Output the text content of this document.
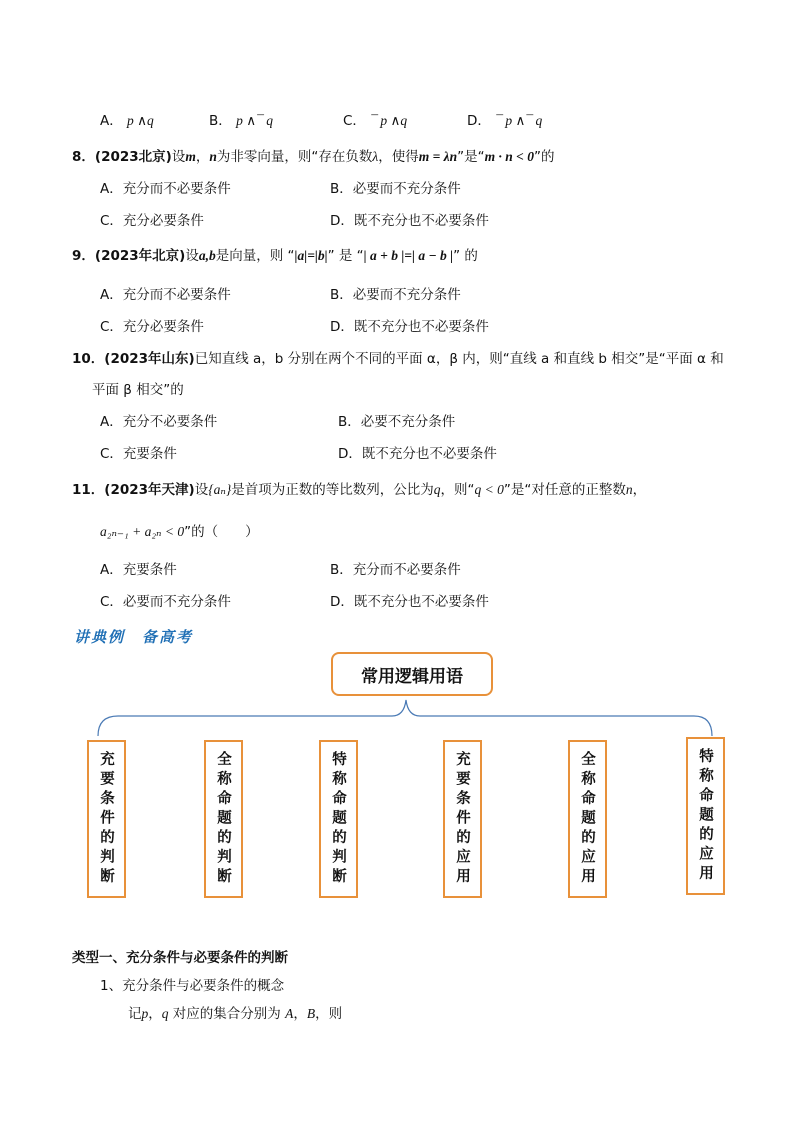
A． p ∧q	B． p ∧¯ q	C． ¯ p ∧q	D． ¯ p ∧¯ q
8．(2023北京)设m，n为非零向量，则“存在负数λ，使得m = λn”是“m · n < 0”的
A．充分而不必要条件	B．必要而不充分条件
C．充分必要条件	D．既不充分也不必要条件
9．(2023年北京)设a,b是向量，则 “|a|=|b|” 是 “| a + b |=| a − b |” 的
A．充分而不必要条件	B．必要而不充分条件
C．充分必要条件	D．既不充分也不必要条件
10．(2023年山东)已知直线 a，b 分别在两个不同的平面 α，β 内，则“直线 a 和直线 b 相交”是“平面 α 和
平面 β 相交”的
A．充分不必要条件	B．必要不充分条件
C．充要条件	D．既不充分也不必要条件
11．(2023年天津)设{aₙ}是首项为正数的等比数列，公比为q，则“q < 0”是“对任意的正整数n，
a₂ₙ₋₁ + a₂ₙ < 0”的（　　）
A．充要条件	B．充分而不必要条件
C．必要而不充分条件	D．既不充分也不必要条件
讲典例　备高考
常用逻辑用语
充要条件的判断	全称命题的判断	特称命题的判断	充要条件的应用	全称命题的应用	特称命题的应用
类型一、充分条件与必要条件的判断
1、充分条件与必要条件的概念
记p，q 对应的集合分别为 A，B，则
